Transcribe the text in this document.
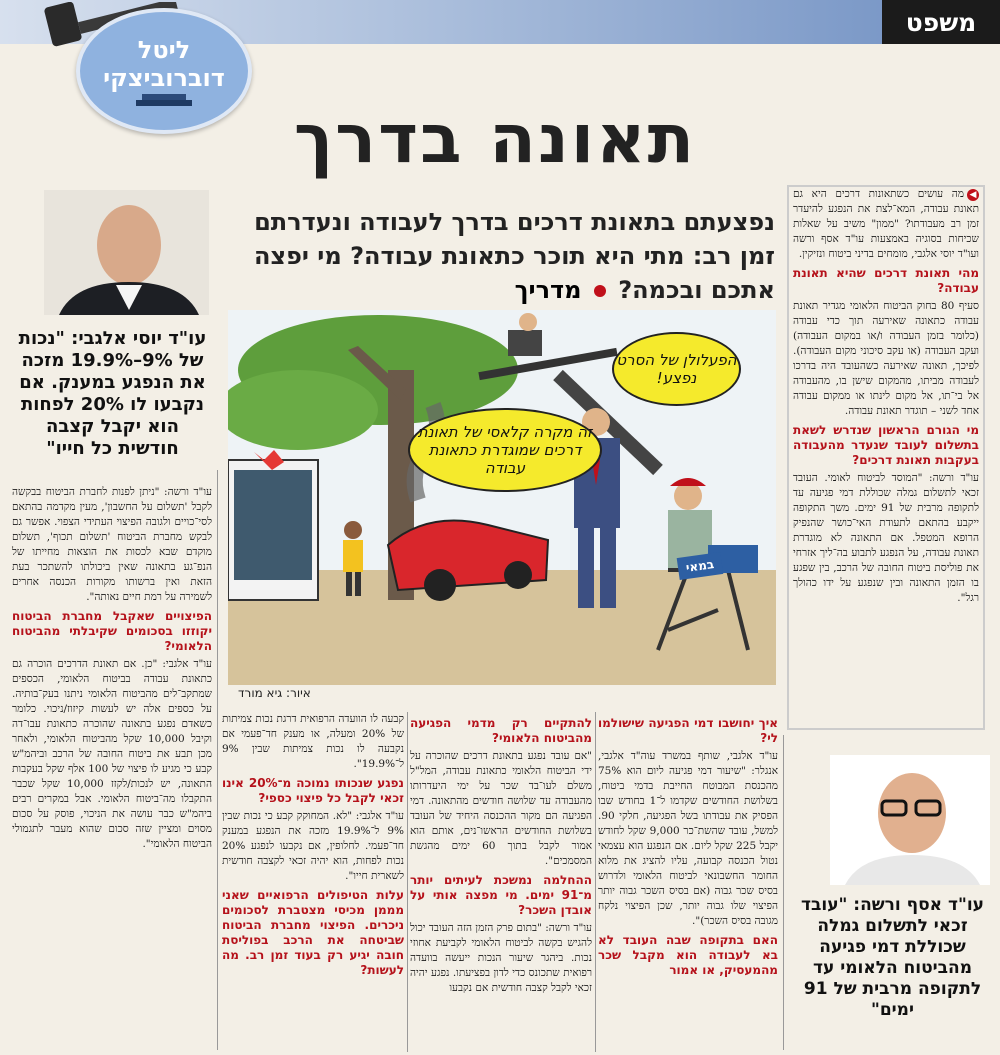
משפט
ליטל
דוברוביצקי
תאונה בדרך
נפצעתם בתאונת דרכים בדרך לעבודה ונעדרתם זמן רב: מתי היא תוכר כתאונת עבודה? מי יפצה אתכם ובכמה?  מדריך
זה מקרה קלאסי של תאונת דרכים שמוגדרת כתאונת עבודה
הפעלולן של הסרט נפצע!
במאי
איור: גיא מורד
עו"ד יוסי אלגבי: "נכות של 9%–19.9% מזכה את הנפגע במענק. אם נקבעו לו 20% לפחות הוא יקבל קצבה חודשית כל חייו"
עו"ד אסף ורשה: "עובד זכאי לתשלום גמלה שכוללת דמי פגיעה מהביטוח הלאומי עד לתקופה מרבית של 91 ימים"

◀מה עושים כשתאונות דרכים היא גם תאונת עבודה, המא־לצת את הנפגע להיעדר זמן רב מעבודתו? "ממון" משיב על שאלות שכיחות בסוגיה באמצעות עו"ד אסף ורשה ועו"ד יוסי אלגבי, מומחים בדיני ביטוח ונזיקין.

מהי תאונת דרכים שהיא תאונת עבודה?

סעיף 80 בחוק הביטוח הלאומי מגדיר תאונת עבודה כתאונה שאירעה תוך כדי עבודה (כלומר בזמן העבודה ו/או במקום העבודה) ועקב העבודה (או עקב סיכוני מקום העבודה). לפיכך, תאונה שאירעה כשהעובד היה בדרכו לעבודה מביתו, מהמקום שישן בו, מהעבודה אל בי־תו, אל מקום לינתו או ממקום עבודה אחד לשני – תוגדר תאונת עבודה.

מי הגורם הראשון שנדרש לשאת בתשלום לעובד שנעדר מהעבודה בעקבות תאונת דרכים?

עו"ד ורשה: "המוסד לביטוח לאומי. העובד זכאי לתשלום גמלה שכוללת דמי פגיעה עד לתקופה מרבית של 91 ימים. משך התקופה ייקבע בהתאם לתעודת האי־כושר שהנפיק הרופא המטפל. אם התאונה לא מוגדרת תאונת עבודה, על הנפגע לתבוע בה־ליך אזרחי את פוליסת ביטוח החובה של הרכב, בין שפגע בו הזמן התאונה ובין שנפגע על ידו כהולך רגל".

איך יחושבו דמי הפגיעה שישולמו לי?

עו"ד אלגבי, שותף במשרד עוה"ד אלגבי, אנגלר: "שיעור דמי פגיעה ליום הוא 75% מהכנסת המבוטח החייבת בדמי ביטוח, בשלושת החודשים שקדמו ל־1 בחודש שבו הפסיק את עבודתו בשל הפגיעה, חלקי 90. למשל, עובד שהשת־כר 9,000 שקל לחודש יקבל 225 שקל ליום. אם הנפגע הוא עצמאי נטול הכנסה קבועה, עליו להציג את מלוא החומר החשבונאי לביטוח הלאומי ולדרוש בסיס שכר גבוה (אם בסיס השכר גבוה יותר הפיצוי שלו גבוה יותר, שכן הפיצוי נלקח מגובה בסיס השכר)".

האם בתקופה שבה העובד לא בא לעבודה הוא מקבל שכר מהמעסיק, או אמור
להתקיים רק מדמי הפגיעה מהביטוח הלאומי?

"אם עובד נפגע בתאונת דרכים שהוכרה על ידי הביטוח הלאומי כתאונת עבודה, המל"ל משלם לעו־בד שכר על ימי היעדרותו מהעבודה עד שלושה חודשים מהתאונה. דמי הפגיעה הם מקור ההכנסה היחיד של העובד בשלושת החודשים הראשו־נים, אותם הוא אמור לקבל בתוך 60 ימים מהגשת המסמכים".

ההחלמה נמשכת לעיתים יותר מ־91 ימים. מי מפצה אותי על אובדן השכר?

עו"ד ורשה: "בתום פרק הזמן הזה העובד יכול להגיש בקשה לביטוח הלאומי לקביעת אחוזי נכות. ביהגר שיעור הנכות ייעשה בוועדה רפואית שתכונס כדי לדון בפציעתו. נפגע יהיה זכאי לקבל קצבה חודשית אם נקבעו

קבעה לו הוועדה הרפואית דרגת נכות צמיתות של 20% ומעלה, או מענק חד־פעמי אם נקבעה לו נכות צמיתות שבין 9% ל־19.9%".

נפגע שנכותו נמוכה מ־20% אינו זכאי לקבל כל פיצוי כספי?

עו"ד אלגבי: "לא. המחוקק קבע כי נכות שבין 9% ל־19.9% מזכה את הנפגע במענק חד־פעמי. לחלופין, אם נקבעו לנפגע 20% נכות לפחות, הוא יהיה זכאי לקצבה חודשית לשארית חייו".

עלות הטיפולים הרפואיים שאני מממן מכיסי מצטברת לסכומים ניכרים. הפיצוי מחברת הביטוח שביטחה את הרכב בפוליסת חובה יגיע רק בעוד זמן רב. מה לעשות?

עו"ד ורשה: "ניתן לפנות לחברת הביטוח בבקשה לקבל 'תשלום על החשבון', מעין מקדמה בהתאם לסי־כויים ולגובה הפיצוי העתידי הצפוי. אפשר גם לבקש מחברת הביטוח 'תשלום תכוף', תשלום מוקדם שבא לכסות את הוצאות מחייתו של הנפ־גע בתאונה שאין ביכולתו להשתכר בעת הזאת ואין ברשותו מקורות הכנסה אחרים לשמירה על רמת חיים נאותה".

הפיצויים שאקבל מחברת הביטוח יקוזזו בסכומים שקיבלתי מהביטוח הלאומי?

עו"ד אלגבי: "כן. אם תאונת הדרכים הוכרה גם כתאונת עבודה בביטוח הלאומי, הכספים שמתקב־לים מהביטוח הלאומי ניתנו בעק־בותיה. על כספים אלה יש לעשות קיזוז/ניכוי. כלומר כשאדם נפגע בתאונה שהוכרה כתאונת עבו־דה וקיבל 10,000 שקל מהביטוח הלאומי, ולאחר מכן תבע את ביטוח החובה של הרכב וביהמ"ש קבע כי מגיע לו פיצוי של 100 אלף שקל בעקבות התאונה, יש לנכות/לקזז 10,000 שקל שכבר התקבלו מה־ביטוח הלאומי. אבל במקרים רבים ביהמ"ש כבר עושה את הניכוי, פוסק על סכום מסוים ומציין שזה סכום שהוא מעבר לתגמולי הביטוח הלאומי".
